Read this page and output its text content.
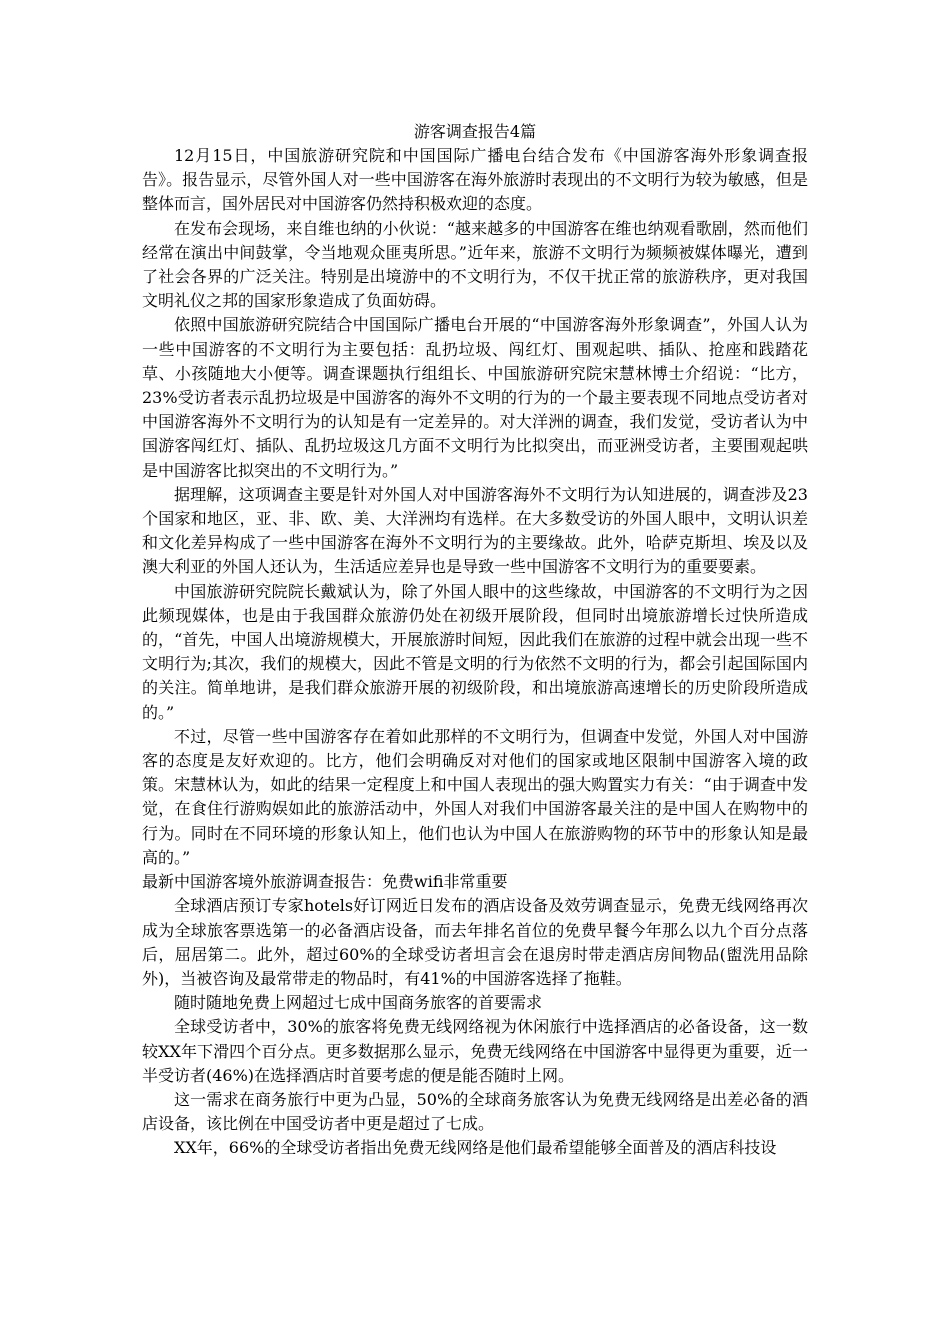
游客调查报告4篇

12月15日，中国旅游研究院和中国国际广播电台结合发布《中国游客海外形象调查报告》。报告显示，尽管外国人对一些中国游客在海外旅游时表现出的不文明行为较为敏感，但是整体而言，国外居民对中国游客仍然持积极欢迎的态度。

在发布会现场，来自维也纳的小伙说：“越来越多的中国游客在维也纳观看歌剧，然而他们经常在演出中间鼓掌，令当地观众匪夷所思。”近年来，旅游不文明行为频频被媒体曝光，遭到了社会各界的广泛关注。特别是出境游中的不文明行为，不仅干扰正常的旅游秩序，更对我国文明礼仪之邦的国家形象造成了负面妨碍。

依照中国旅游研究院结合中国国际广播电台开展的“中国游客海外形象调查”，外国人认为一些中国游客的不文明行为主要包括：乱扔垃圾、闯红灯、围观起哄、插队、抢座和践踏花草、小孩随地大小便等。调查课题执行组组长、中国旅游研究院宋慧林博士介绍说：“比方，23%受访者表示乱扔垃圾是中国游客的海外不文明的行为的一个最主要表现不同地点受访者对中国游客海外不文明行为的认知是有一定差异的。对大洋洲的调查，我们发觉，受访者认为中国游客闯红灯、插队、乱扔垃圾这几方面不文明行为比拟突出，而亚洲受访者，主要围观起哄是中国游客比拟突出的不文明行为。”

据理解，这项调查主要是针对外国人对中国游客海外不文明行为认知进展的，调查涉及23个国家和地区，亚、非、欧、美、大洋洲均有选样。在大多数受访的外国人眼中，文明认识差和文化差异构成了一些中国游客在海外不文明行为的主要缘故。此外，哈萨克斯坦、埃及以及澳大利亚的外国人还认为，生活适应差异也是导致一些中国游客不文明行为的重要要素。

中国旅游研究院院长戴斌认为，除了外国人眼中的这些缘故，中国游客的不文明行为之因此频现媒体，也是由于我国群众旅游仍处在初级开展阶段，但同时出境旅游增长过快所造成的，“首先，中国人出境游规模大，开展旅游时间短，因此我们在旅游的过程中就会出现一些不文明行为;其次，我们的规模大，因此不管是文明的行为依然不文明的行为，都会引起国际国内的关注。简单地讲，是我们群众旅游开展的初级阶段，和出境旅游高速增长的历史阶段所造成的。”

不过，尽管一些中国游客存在着如此那样的不文明行为，但调查中发觉，外国人对中国游客的态度是友好欢迎的。比方，他们会明确反对对他们的国家或地区限制中国游客入境的政策。宋慧林认为，如此的结果一定程度上和中国人表现出的强大购置实力有关：“由于调查中发觉，在食住行游购娱如此的旅游活动中，外国人对我们中国游客最关注的是中国人在购物中的行为。同时在不同环境的形象认知上，他们也认为中国人在旅游购物的环节中的形象认知是最高的。”

最新中国游客境外旅游调查报告：免费wifi非常重要

全球酒店预订专家hotels好订网近日发布的酒店设备及效劳调查显示，免费无线网络再次成为全球旅客票选第一的必备酒店设备，而去年排名首位的免费早餐今年那么以九个百分点落后，屈居第二。此外，超过60%的全球受访者坦言会在退房时带走酒店房间物品(盥洗用品除外)，当被咨询及最常带走的物品时，有41%的中国游客选择了拖鞋。

随时随地免费上网超过七成中国商务旅客的首要需求

全球受访者中，30%的旅客将免费无线网络视为休闲旅行中选择酒店的必备设备，这一数较XX年下滑四个百分点。更多数据那么显示，免费无线网络在中国游客中显得更为重要，近一半受访者(46%)在选择酒店时首要考虑的便是能否随时上网。

这一需求在商务旅行中更为凸显，50%的全球商务旅客认为免费无线网络是出差必备的酒店设备，该比例在中国受访者中更是超过了七成。

XX年，66%的全球受访者指出免费无线网络是他们最希望能够全面普及的酒店科技设
